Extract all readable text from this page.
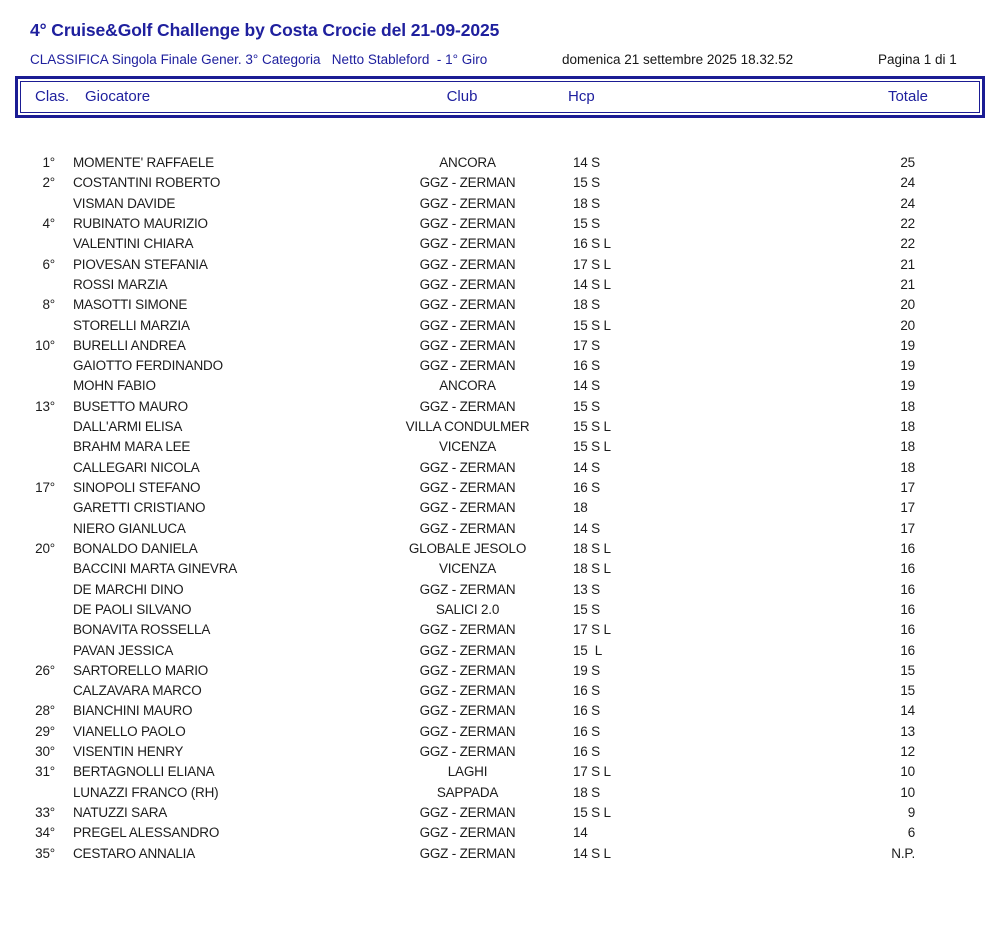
4° Cruise&Golf Challenge by Costa Crocie del 21-09-2025
CLASSIFICA Singola Finale Gener. 3° Categoria   Netto Stableford  - 1° Giro	domenica 21 settembre 2025 18.32.52	Pagina 1 di 1
Clas. Giocatore	Club	Hcp	Totale
1°	MOMENTE' RAFFAELE	ANCORA	14 S	25
2°	COSTANTINI ROBERTO	GGZ - ZERMAN	15 S	24
VISMAN DAVIDE	GGZ - ZERMAN	18 S	24
4°	RUBINATO MAURIZIO	GGZ - ZERMAN	15 S	22
VALENTINI CHIARA	GGZ - ZERMAN	16 S L	22
6°	PIOVESAN STEFANIA	GGZ - ZERMAN	17 S L	21
ROSSI MARZIA	GGZ - ZERMAN	14 S L	21
8°	MASOTTI SIMONE	GGZ - ZERMAN	18 S	20
STORELLI MARZIA	GGZ - ZERMAN	15 S L	20
10°	BURELLI ANDREA	GGZ - ZERMAN	17 S	19
GAIOTTO FERDINANDO	GGZ - ZERMAN	16 S	19
MOHN FABIO	ANCORA	14 S	19
13°	BUSETTO MAURO	GGZ - ZERMAN	15 S	18
DALL'ARMI ELISA	VILLA CONDULMER	15 S L	18
BRAHM MARA LEE	VICENZA	15 S L	18
CALLEGARI NICOLA	GGZ - ZERMAN	14 S	18
17°	SINOPOLI STEFANO	GGZ - ZERMAN	16 S	17
GARETTI CRISTIANO	GGZ - ZERMAN	18	17
NIERO GIANLUCA	GGZ - ZERMAN	14 S	17
20°	BONALDO DANIELA	GLOBALE JESOLO	18 S L	16
BACCINI MARTA GINEVRA	VICENZA	18 S L	16
DE MARCHI DINO	GGZ - ZERMAN	13 S	16
DE PAOLI SILVANO	SALICI 2.0	15 S	16
BONAVITA ROSSELLA	GGZ - ZERMAN	17 S L	16
PAVAN JESSICA	GGZ - ZERMAN	15  L	16
26°	SARTORELLO MARIO	GGZ - ZERMAN	19 S	15
CALZAVARA MARCO	GGZ - ZERMAN	16 S	15
28°	BIANCHINI MAURO	GGZ - ZERMAN	16 S	14
29°	VIANELLO PAOLO	GGZ - ZERMAN	16 S	13
30°	VISENTIN HENRY	GGZ - ZERMAN	16 S	12
31°	BERTAGNOLLI ELIANA	LAGHI	17 S L	10
LUNAZZI FRANCO (RH)	SAPPADA	18 S	10
33°	NATUZZI SARA	GGZ - ZERMAN	15 S L	9
34°	PREGEL ALESSANDRO	GGZ - ZERMAN	14	6
35°	CESTARO ANNALIA	GGZ - ZERMAN	14 S L	N.P.
